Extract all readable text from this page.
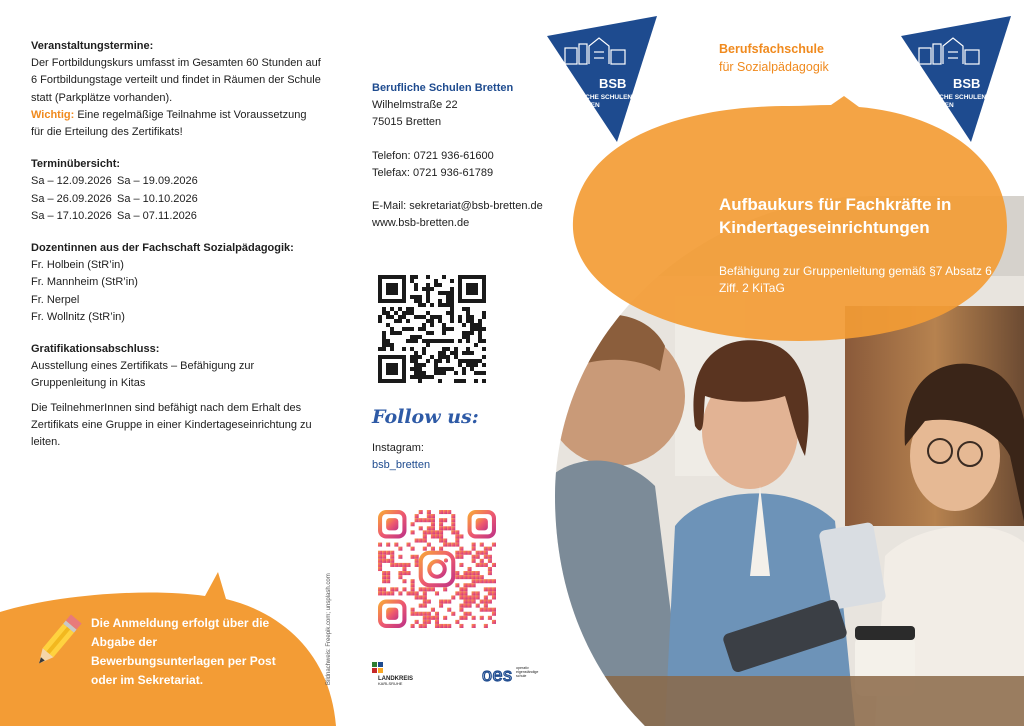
Veranstaltungstermine:
Der Fortbildungskurs umfasst im Gesamten 60 Stunden auf 6 Fortbildungstage verteilt und findet in Räumen der Schule statt (Parkplätze vorhanden).
Wichtig: Eine regelmäßige Teilnahme ist Voraussetzung für die Erteilung des Zertifikats!
Terminübersicht:
Sa – 12.09.2026 Sa – 19.09.2026
Sa – 26.09.2026 Sa – 10.10.2026
Sa – 17.10.2026 Sa – 07.11.2026
Dozentinnen aus der Fachschaft Sozialpädagogik:
Fr. Holbein (StR’in)
Fr. Mannheim (StR’in)
Fr. Nerpel
Fr. Wollnitz (StR’in)
Gratifikationsabschluss:

Ausstellung eines Zertifikats – Befähigung zur Gruppenleitung in Kitas

Die TeilnehmerInnen sind befähigt nach dem Erhalt des Zertifikats eine Gruppe in einer Kindertageseinrichtung zu leiten.

Die Anmeldung erfolgt über die Abgabe der Bewerbungsunterlagen per Post oder im Sekretariat.	Bildnachweis: Freepik.com; unsplash.com
Berufliche Schulen Bretten
Wilhelmstraße 22
75015 Bretten
Telefon: 0721 936-61600
Telefax: 0721 936-61789
E-Mail: sekretariat@bsb-bretten.de
www.bsb-bretten.de
Follow us:
Instagram:
bsb_bretten
LANDKREIS
KARLSRUHE	oes operativ eigenständige schule
BSB
BERUFLICHE SCHULEN
BRETTEN
BSB
BERUFLICHE SCHULEN
BRETTEN
Berufsfachschule
für Sozialpädagogik
Aufbaukurs für Fachkräfte in Kindertageseinrichtungen
Befähigung zur Gruppenleitung gemäß §7 Absatz 6 Ziff. 2 KiTaG
